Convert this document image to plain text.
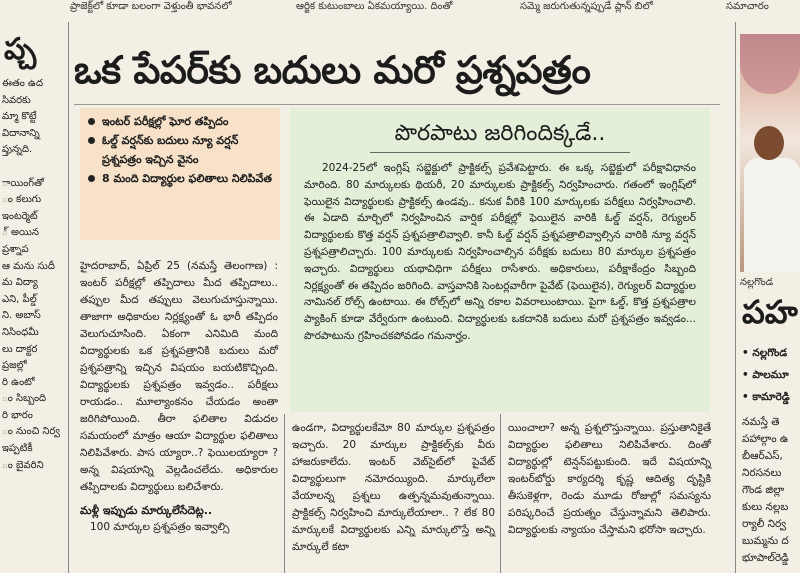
ప్రాజెక్ట్‌లో కూడా బలంగా వెళ్తుంతీ భావనలో	ఆర్జిక కుటుంబాలు ఏకమయ్యాయి. దింతో	సమ్మె జరుగుతున్నప్పుడే ప్లాన్ బిలో	సమాచారం
ప్చ

ఈతం ఉద

సివరకు

మ్మా కొట్టే

విదానాన్ని

ప్తున్నది.

ాయింగ్‌తో

ం కలుగు

ఇంటర్మెట్

్ అయిన

ప్రశ్నాప

ఆ మను సుదీ

మ విద్యా

ఎని, పీల్డ్

ని. అబాస్

నిసింధమీ

లు దాక్టర

ప్రజల్లో

రి ఉంటో

ం సిబ్బంది

రి భారం

ం నుంచి నిర్వ

ఇప్పటికీ

ం బైవరిని

ఒక పేపర్‌కు బదులు మరో ప్రశ్నపత్రం
ఇంటర్ పరీక్షల్లో ఘోర తప్పిదం
ఓల్డ్ వర్షన్‌కు బదులు న్యూ వర్షన్ ప్రశ్నపత్రం ఇచ్చిన వైనం
8 మంది విద్యార్థుల ఫలితాలు నిలిపివేత
పొరపాటు జరిగిందిక్కడే..
2024-25లో ఇంగ్లిష్ సబ్జెక్టులో ప్రాక్టికల్స్ ప్రవేశపెట్టారు. ఈ ఒక్క సబ్జెక్టులో పరీక్షావిధానం మారింది. 80 మార్కులకు థియరీ, 20 మార్కులకు ప్రాక్టికల్స్ నిర్వహించారు. గతంలో ఇంగ్లిష్‌లో ఫెయిలైన విద్యార్థులకు ప్రాక్టికల్స్ ఉండవు.. కనుక వీరికి 100 మార్కులకు పరీక్షలు నిర్వహించాలి. ఈ ఏడాది మార్చిలో నిర్వహించిన వార్షిక పరీక్షల్లో ఫెయిలైన వారికి ఓల్డ్ వర్షన్, రెగ్యులర్ విద్యార్థులకు కొత్త వర్షన్ ప్రశ్నపత్రాలివ్వాలి. కానీ ఓల్డ్ వర్షన్ ప్రశ్నపత్రాలివ్వాల్సిన వారికి న్యూ వర్షన్ ప్రశ్నపత్రాలిచ్చారు. 100 మార్కులకు నిర్వహించాల్సిన పరీక్షకు బదులు 80 మార్కుల ప్రశ్నపత్రం ఇచ్చారు. విద్యార్థులు యథావిధిగా పరీక్షలు రాసేశారు. అధికారులు, పరీక్షాకేంద్రం సిబ్బంది నిర్లక్ష్యంతో ఈ తప్పిదం జరిగింది. వాస్తవానికి సెంటర్లవారీగా పైవేట్ (ఫెయిలైన), రెగ్యులర్ విద్యార్థుల నామినల్ రోల్స్ ఉంటాయి. ఈ రోల్స్‌లో అన్ని రకాల వివరాలుంటాయి. పైగా ఓల్డ్, కొత్త ప్రశ్నపత్రాల ప్యాకింగ్ కూడా వేర్వేరుగా ఉంటుంది. విద్యార్థులకు ఒకదానికి బదులు మరో ప్రశ్నపత్రం ఇవ్వడం... పొరపాటును గ్రహించకపోవడం గమనార్హం.

హైదరాబాద్, ఏప్రిల్ 25 (నమస్తే తెలంగాణ) : ఇంటర్ పరీక్షల్లో తప్పిదాలు మీద తప్పిదాలు.. తప్పుల మీద తప్పులు వెలుగుచూస్తున్నాయి. తాజాగా అధికారుల నిర్లక్ష్యంతో ఓ భారీ తప్పిదం వెలుగుచూసింది. ఏకంగా ఎనిమిది మంది విద్యార్థులకు ఒక ప్రశ్నపత్రానికి బదులు మరో ప్రశ్నపత్రాన్ని ఇచ్చిన విషయం బయటికొచ్చింది. విద్యార్థులకు ప్రశ్నపత్రం ఇవ్వడం.. పరీక్షలు రాయడం.. మూల్యాంకనం చేయడం అంతా జరిగిపోయింది. తీరా ఫలితాల విడుదల సమయంలో మాత్రం ఆయా విద్యార్థుల ఫలితాలు నిలిపివేశారు. పాస య్యారా..? ఫెయిలయ్యారా ? అన్న విషయాన్ని వెల్లడించలేదు. అధికారుల తప్పిదాలకు విద్యార్థులు బలిచేశారు.

మళ్లీ ఇప్పుడు మార్కులేసేదెట్ల..

100 మార్కుల ప్రశ్నపత్రం ఇవ్వాల్సి

ఉండగా, విద్యార్థులకేమో 80 మార్కుల ప్రశ్నపత్రం ఇచ్చారు. 20 మార్కుల ప్రాక్టికల్స్‌కు వీరు హాజరుకాలేదు. ఇంటర్ వెబ్‌సైట్‌లో పైవేట్ విద్యార్థులుగా నమోదయ్యింది. మార్కులేలా వేయాలన్న ప్రశ్నలు ఉత్పన్నమవుతున్నాయి. ప్రాక్టికల్స్ నిర్వహించి మార్కులేయాలా.. ? లేక 80 మార్కులకే విద్యార్థులకు ఎన్ని మార్కులొస్తే అన్ని మార్కులే కటా

యించాలా? అన్న ప్రశ్నలొస్తున్నాయి. ప్రస్తుతానికైతే విద్యార్థుల ఫలితాలు నిలిపివేశారు. దింతో విద్యార్థుల్లో టెన్షన్‌పట్టుకుంది. ఇదే విషయాన్ని ఇంటర్‌బోర్డు కార్యదర్శి కృష్ణ ఆదిత్య దృష్టికి తీసుకెళ్లగా, రెండు మూడు రోజుల్లో సమస్యను పరిష్కరించే ప్రయత్నం చేస్తున్నామని తెలిపారు. విద్యార్థులకు న్యాయం చేస్తామని భరోసా ఇచ్చారు.

నల్లగొండ
పహ
• నల్లగొండ
• పాలమూ
• కామారెడ్డి

నమస్తే తె

పహాల్గాం ఉ

బీఆర్ఎస్,

నిరసనలు

గౌండ జిల్లా

కులు నల్లబ

ర్యాలీ నిర్వ

బుమ్మను ద

భూపాల్‌రెడ్డి
